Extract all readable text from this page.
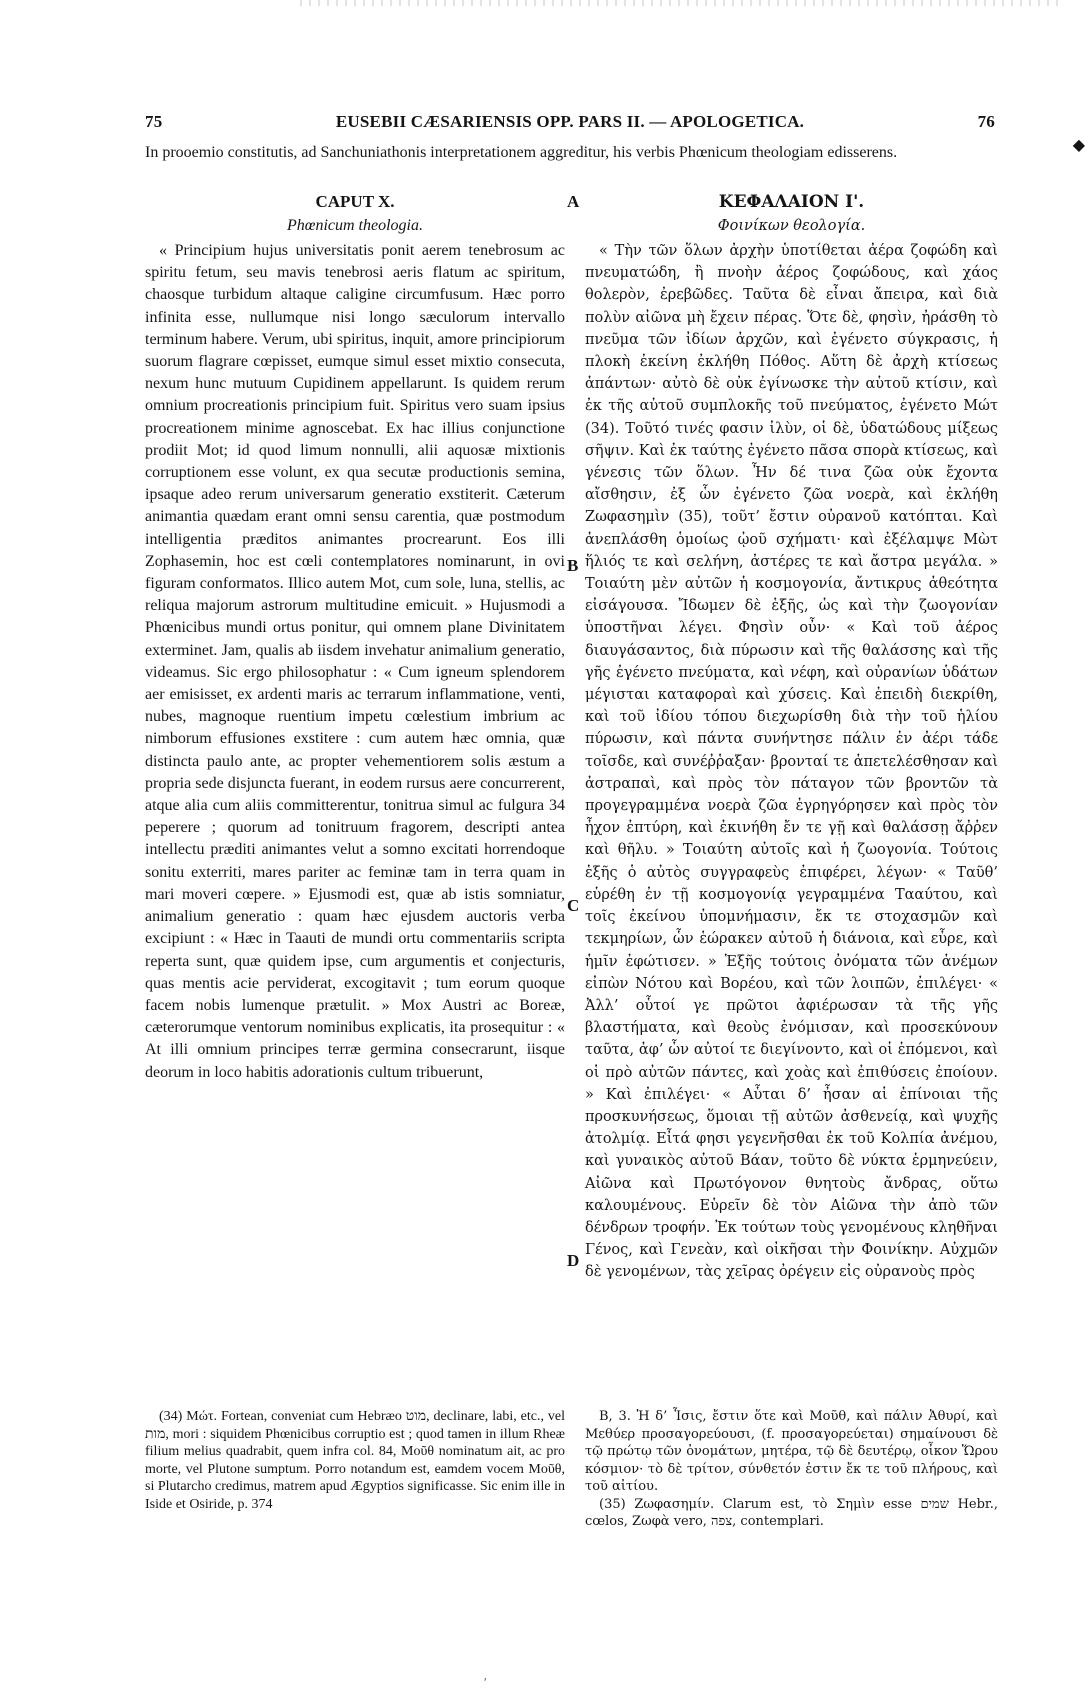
75	EUSEBII CÆSARIENSIS OPP. PARS II. — APOLOGETICA.	76
◆
In prooemio constitutis, ad Sanchuniathonis interpretationem aggreditur, his verbis Phœnicum theologiam edisserens.
CAPUT X.
Phœnicum theologia.
« Principium hujus universitatis ponit aerem tenebrosum ac spiritu fetum, seu mavis tenebrosi aeris flatum ac spiritum, chaosque turbidum altaque caligine circumfusum. Hæc porro infinita esse, nullumque nisi longo sæculorum intervallo terminum habere. Verum, ubi spiritus, inquit, amore principiorum suorum flagrare cœpisset, eumque simul esset mixtio consecuta, nexum hunc mutuum Cupidinem appellarunt. Is quidem rerum omnium procreationis principium fuit. Spiritus vero suam ipsius procreationem minime agnoscebat. Ex hac illius conjunctione prodiit Mot; id quod limum nonnulli, alii aquosæ mixtionis corruptionem esse volunt, ex qua secutæ productionis semina, ipsaque adeo rerum universarum generatio exstiterit. Cæterum animantia quædam erant omni sensu carentia, quæ postmodum intelligentia præditos animantes procrearunt. Eos illi Zophasemin, hoc est cœli contemplatores nominarunt, in ovi figuram conformatos. Illico autem Mot, cum sole, luna, stellis, ac reliqua majorum astrorum multitudine emicuit. » Hujusmodi a Phœnicibus mundi ortus ponitur, qui omnem plane Divinitatem exterminet. Jam, qualis ab iisdem invehatur animalium generatio, videamus. Sic ergo philosophatur : « Cum igneum splendorem aer emisisset, ex ardenti maris ac terrarum inflammatione, venti, nubes, magnoque ruentium impetu cœlestium imbrium ac nimborum effusiones exstitere : cum autem hæc omnia, quæ distincta paulo ante, ac propter vehementiorem solis æstum a propria sede disjuncta fuerant, in eodem rursus aere concurrerent, atque alia cum aliis committerentur, tonitrua simul ac fulgura 34 peperere ; quorum ad tonitruum fragorem, descripti antea intellectu præditi animantes velut a somno excitati horrendoque sonitu exterriti, mares pariter ac feminæ tam in terra quam in mari moveri cœpere. » Ejusmodi est, quæ ab istis somniatur, animalium generatio : quam hæc ejusdem auctoris verba excipiunt : « Hæc in Taauti de mundi ortu commentariis scripta reperta sunt, quæ quidem ipse, cum argumentis et conjecturis, quas mentis acie perviderat, excogitavit ; tum eorum quoque facem nobis lumenque prætulit. » Mox Austri ac Boreæ, cæterorumque ventorum nominibus explicatis, ita prosequitur : « At illi omnium principes terræ germina consecrarunt, iisque deorum in loco habitis adorationis cultum tribuerunt,
ΚΕΦΑΛΑΙΟΝ Ι'.
Φοινίκων θεολογία.
« Τὴν τῶν ὅλων ἀρχὴν ὑποτίθεται ἀέρα ζοφώδη καὶ πνευματώδη, ἢ πνοὴν ἀέρος ζοφώδους, καὶ χάος θολερὸν, ἐρεβῶδες. Ταῦτα δὲ εἶναι ἄπειρα, καὶ διὰ πολὺν αἰῶνα μὴ ἔχειν πέρας. Ὅτε δὲ, φησὶν, ἠράσθη τὸ πνεῦμα τῶν ἰδίων ἀρχῶν, καὶ ἐγένετο σύγκρασις, ἡ πλοκὴ ἐκείνη ἐκλήθη Πόθος. Αὕτη δὲ ἀρχὴ κτίσεως ἁπάντων· αὐτὸ δὲ οὐκ ἐγίνωσκε τὴν αὑτοῦ κτίσιν, καὶ ἐκ τῆς αὐτοῦ συμπλοκῆς τοῦ πνεύματος, ἐγένετο Μώτ (34). Τοῦτό τινές φασιν ἰλὺν, οἱ δὲ, ὑδατώδους μίξεως σῆψιν. Καὶ ἐκ ταύτης ἐγένετο πᾶσα σπορὰ κτίσεως, καὶ γένεσις τῶν ὅλων. Ἦν δέ τινα ζῶα οὐκ ἔχοντα αἴσθησιν, ἐξ ὧν ἐγένετο ζῶα νοερὰ, καὶ ἐκλήθη Ζωφασημὶν (35), τοῦτ’ ἔστιν οὐρανοῦ κατόπται. Καὶ ἀνεπλάσθη ὁμοίως ᾠοῦ σχήματι· καὶ ἐξέλαμψε Μὼτ ἥλιός τε καὶ σελήνη, ἀστέρες τε καὶ ἄστρα μεγάλα. » Τοιαύτη μὲν αὐτῶν ἡ κοσμογονία, ἄντικρυς ἀθεότητα εἰσάγουσα. Ἴδωμεν δὲ ἑξῆς, ὡς καὶ τὴν ζωογονίαν ὑποστῆναι λέγει. Φησὶν οὖν· « Καὶ τοῦ ἀέρος διαυγάσαντος, διὰ πύρωσιν καὶ τῆς θαλάσσης καὶ τῆς γῆς ἐγένετο πνεύματα, καὶ νέφη, καὶ οὐρανίων ὑδάτων μέγισται καταφοραὶ καὶ χύσεις. Καὶ ἐπειδὴ διεκρίθη, καὶ τοῦ ἰδίου τόπου διεχωρίσθη διὰ τὴν τοῦ ἡλίου πύρωσιν, καὶ πάντα συνήντησε πάλιν ἐν ἀέρι τάδε τοῖσδε, καὶ συνέῤῥαξαν· βρονταί τε ἀπετελέσθησαν καὶ ἀστραπαὶ, καὶ πρὸς τὸν πάταγον τῶν βροντῶν τὰ προγεγραμμένα νοερὰ ζῶα ἐγρηγόρησεν καὶ πρὸς τὸν ἦχον ἐπτύρη, καὶ ἐκινήθη ἔν τε γῇ καὶ θαλάσσῃ ἄῤῥεν καὶ θῆλυ. » Τοιαύτη αὐτοῖς καὶ ἡ ζωογονία. Τούτοις ἑξῆς ὁ αὐτὸς συγγραφεὺς ἐπιφέρει, λέγων· « Ταῦθ’ εὑρέθη ἐν τῇ κοσμογονίᾳ γεγραμμένα Τααύτου, καὶ τοῖς ἐκείνου ὑπομνήμασιν, ἔκ τε στοχασμῶν καὶ τεκμηρίων, ὧν ἑώρακεν αὐτοῦ ἡ διάνοια, καὶ εὗρε, καὶ ἡμῖν ἐφώτισεν. » Ἑξῆς τούτοις ὀνόματα τῶν ἀνέμων εἰπὼν Νότου καὶ Βορέου, καὶ τῶν λοιπῶν, ἐπιλέγει· « Ἀλλ’ οὗτοί γε πρῶτοι ἀφιέρωσαν τὰ τῆς γῆς βλαστήματα, καὶ θεοὺς ἐνόμισαν, καὶ προσεκύνουν ταῦτα, ἀφ’ ὧν αὐτοί τε διεγίνοντο, καὶ οἱ ἑπόμενοι, καὶ οἱ πρὸ αὐτῶν πάντες, καὶ χοὰς καὶ ἐπιθύσεις ἐποίουν. » Καὶ ἐπιλέγει· « Αὗται δ’ ἦσαν αἱ ἐπίνοιαι τῆς προσκυνήσεως, ὅμοιαι τῇ αὐτῶν ἀσθενείᾳ, καὶ ψυχῆς ἀτολμίᾳ. Εἶτά φησι γεγενῆσθαι ἐκ τοῦ Κολπία ἀνέμου, καὶ γυναικὸς αὐτοῦ Βάαν, τοῦτο δὲ νύκτα ἑρμηνεύειν, Αἰῶνα καὶ Πρωτόγονον θνητοὺς ἄνδρας, οὕτω καλουμένους. Εὑρεῖν δὲ τὸν Αἰῶνα τὴν ἀπὸ τῶν δένδρων τροφήν. Ἐκ τούτων τοὺς γενομένους κληθῆναι Γένος, καὶ Γενεὰν, καὶ οἰκῆσαι τὴν Φοινίκην. Αὐχμῶν δὲ γενομένων, τὰς χεῖρας ὀρέγειν εἰς οὐρανοὺς πρὸς
A
B
C
D
(34) Μώτ. Fortean, conveniat cum Hebræo מוט, declinare, labi, etc., vel מות, mori : siquidem Phœnicibus corruptio est ; quod tamen in illum Rheæ filium melius quadrabit, quem infra col. 84, Μοῦθ nominatum ait, ac pro morte, vel Plutone sumptum. Porro notandum est, eamdem vocem Μοῦθ, si Plutarcho credimus, matrem apud Ægyptios significasse. Sic enim ille in Iside et Osiride, p. 374

B, 3. Ἡ δ’ Ἶσις, ἔστιν ὅτε καὶ Μοῦθ, καὶ πάλιν Ἀθυρί, καὶ Μεθύερ προσαγορεύουσι, (f. προσαγορεύεται) σημαίνουσι δὲ τῷ πρώτῳ τῶν ὀνομάτων, μητέρα, τῷ δὲ δευτέρῳ, οἶκον Ὥρου κόσμιον· τὸ δὲ τρίτον, σύνθετόν ἐστιν ἔκ τε τοῦ πλήρους, καὶ τοῦ αἰτίου.

(35) Ζωφασημίν. Clarum est, τὸ Σημὶν esse שמים Hebr., cœlos, Ζωφὰ vero, צפה, contemplari.

ʹ
